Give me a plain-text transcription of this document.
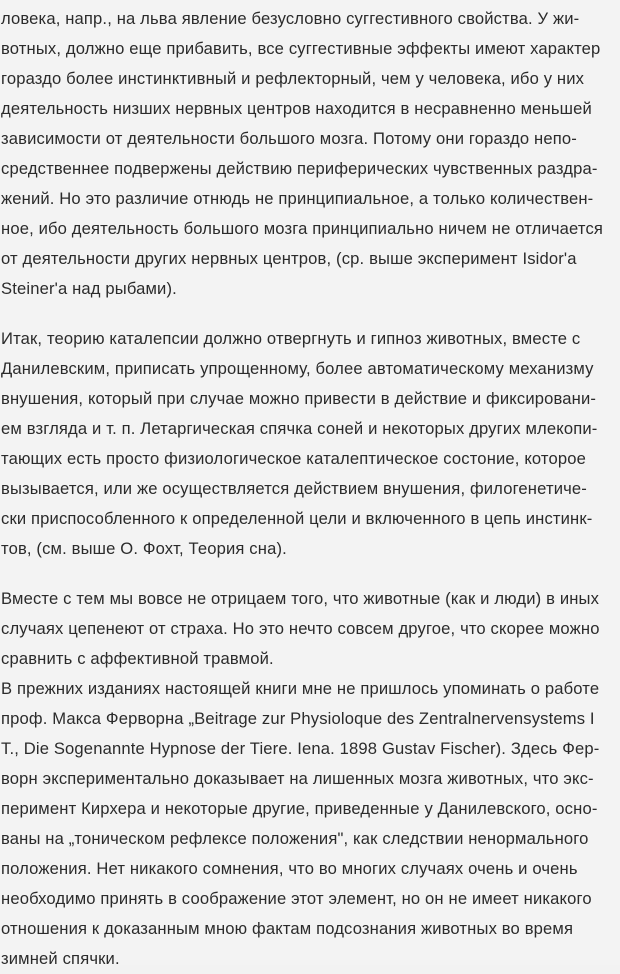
ловека, напр., на льва явление безусловно суггестивного свойства. У жи-
вотных, должно еще прибавить, все суггестивные эффекты имеют характер
гораздо более инстинктивный и рефлекторный, чем у человека, ибо у них
деятельность низших нервных центров находится в несравненно меньшей
зависимости от деятельности большого мозга. Потому они гораздо непо-
средственнее подвержены действию периферических чувственных раздра-
жений. Но это различие отнюдь не принципиальное, а только количествен-
ное, ибо деятельность большого мозга принципиально ничем не отличается
от деятельности других нервных центров, (ср. выше эксперимент Isidor'a
Steiner'a над рыбами).
Итак, теорию каталепсии должно отвергнуть и гипноз животных, вместе с
Данилевским, приписать упрощенному, более автоматическому механизму
внушения, который при случае можно привести в действие и фиксировани-
ем взгляда и т. п. Летаргическая спячка соней и некоторых других млекопи-
тающих есть просто физиологическое каталептическое состоние, которое
вызывается, или же осуществляется действием внушения, филогенетиче-
ски приспособленного к определенной цели и включенного в цепь инстинк-
тов, (см. выше О. Фохт, Теория сна).
Вместе с тем мы вовсе не отрицаем того, что животные (как и люди) в иных
случаях цепенеют от страха. Но это нечто совсем другое, что скорее можно
сравнить с аффективной травмой.
В прежних изданиях настоящей книги мне не пришлось упоминать о работе
проф. Макса Ферворна „Beitrage zur Physioloque des Zentralnervensystems I
T., Die Sogenannte Hypnose der Tiere. Iena. 1898 Gustav Fischer). Здесь Фер-
ворн экспериментально доказывает на лишенных мозга животных, что экс-
перимент Кирхера и некоторые другие, приведенные у Данилевского, осно-
ваны на „тоническом рефлексе положения", как следствии ненормального
положения. Нет никакого сомнения, что во многих случаях очень и очень
необходимо принять в соображение этот элемент, но он не имеет никакого
отношения к доказанным мною фактам подсознания животных во время
зимней спячки.
